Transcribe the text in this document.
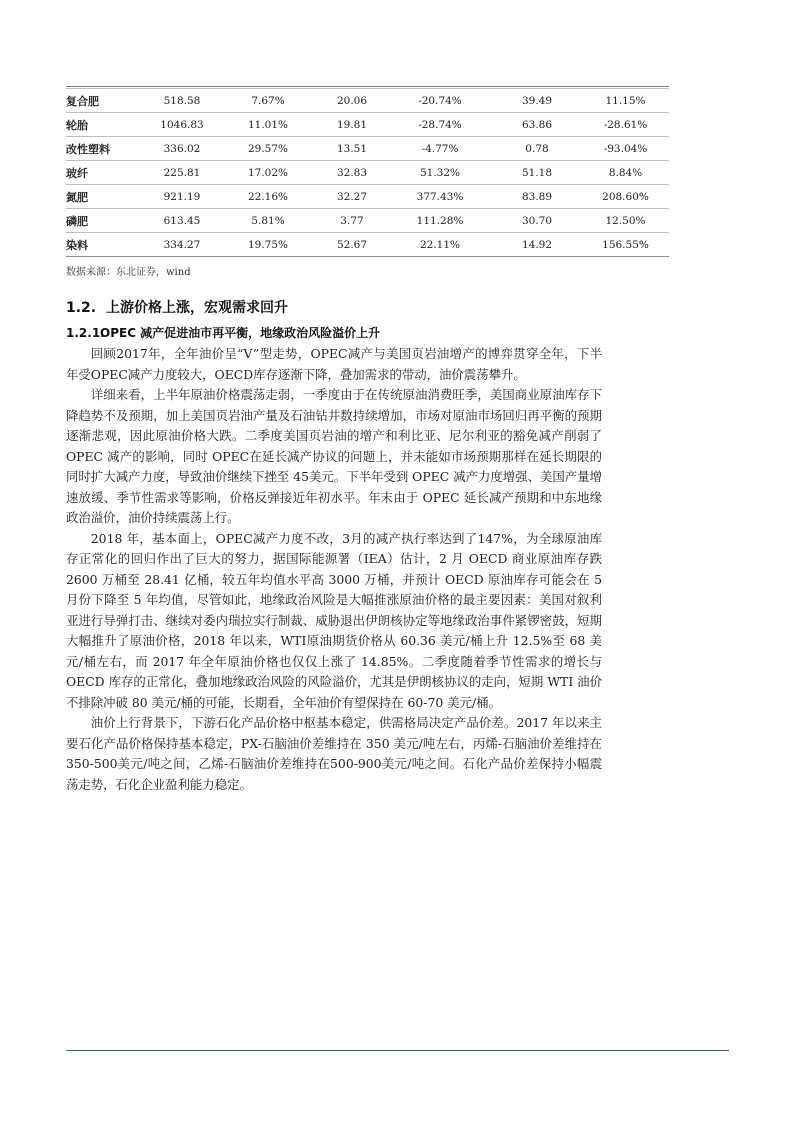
复合肥	518.58	7.67%	20.06	-20.74%	39.49	11.15%
轮胎	1046.83	11.01%	19.81	-28.74%	63.86	-28.61%
改性塑料	336.02	29.57%	13.51	-4.77%	0.78	-93.04%
玻纤	225.81	17.02%	32.83	51.32%	51.18	8.84%
氮肥	921.19	22.16%	32.27	377.43%	83.89	208.60%
磷肥	613.45	5.81%	3.77	111.28%	30.70	12.50%
染料	334.27	19.75%	52.67	22.11%	14.92	156.55%
数据来源：东北证券，wind
1.2. 上游价格上涨，宏观需求回升
1.2.1.OPEC 减产促进油市再平衡，地缘政治风险溢价上升

回顾2017年，全年油价呈“V”型走势，OPEC减产与美国页岩油增产的博弈贯穿全年，下半年受OPEC减产力度较大，OECD库存逐渐下降，叠加需求的带动，油价震荡攀升。

详细来看，上半年原油价格震荡走弱，一季度由于在传统原油消费旺季，美国商业原油库存下降趋势不及预期，加上美国页岩油产量及石油钻井数持续增加，市场对原油市场回归再平衡的预期逐渐悲观，因此原油价格大跌。二季度美国页岩油的增产和利比亚、尼尔利亚的豁免减产削弱了 OPEC 减产的影响，同时 OPEC在延长减产协议的问题上，并未能如市场预期那样在延长期限的同时扩大减产力度，导致油价继续下挫至 45美元。下半年受到 OPEC 减产力度增强、美国产量增速放缓、季节性需求等影响，价格反弹接近年初水平。年末由于 OPEC 延长减产预期和中东地缘政治溢价，油价持续震荡上行。

2018 年，基本面上，OPEC减产力度不改，3月的减产执行率达到了147%，为全球原油库存正常化的回归作出了巨大的努力，据国际能源署（IEA）估计，2 月 OECD 商业原油库存跌 2600 万桶至 28.41 亿桶，较五年均值水平高 3000 万桶，并预计 OECD 原油库存可能会在 5 月份下降至 5 年均值，尽管如此，地缘政治风险是大幅推涨原油价格的最主要因素：美国对叙利亚进行导弹打击、继续对委内瑞拉实行制裁、威胁退出伊朗核协定等地缘政治事件紧锣密鼓，短期大幅推升了原油价格，2018 年以来，WTI原油期货价格从 60.36 美元/桶上升 12.5%至 68 美元/桶左右，而 2017 年全年原油价格也仅仅上涨了 14.85%。二季度随着季节性需求的增长与 OECD 库存的正常化，叠加地缘政治风险的风险溢价，尤其是伊朗核协议的走向，短期 WTI 油价不排除冲破 80 美元/桶的可能，长期看，全年油价有望保持在 60-70 美元/桶。

油价上行背景下，下游石化产品价格中枢基本稳定，供需格局决定产品价差。2017 年以来主要石化产品价格保持基本稳定，PX-石脑油价差维持在 350 美元/吨左右，丙烯-石脑油价差维持在350-500美元/吨之间，乙烯-石脑油价差维持在500-900美元/吨之间。石化产品价差保持小幅震荡走势，石化企业盈利能力稳定。
